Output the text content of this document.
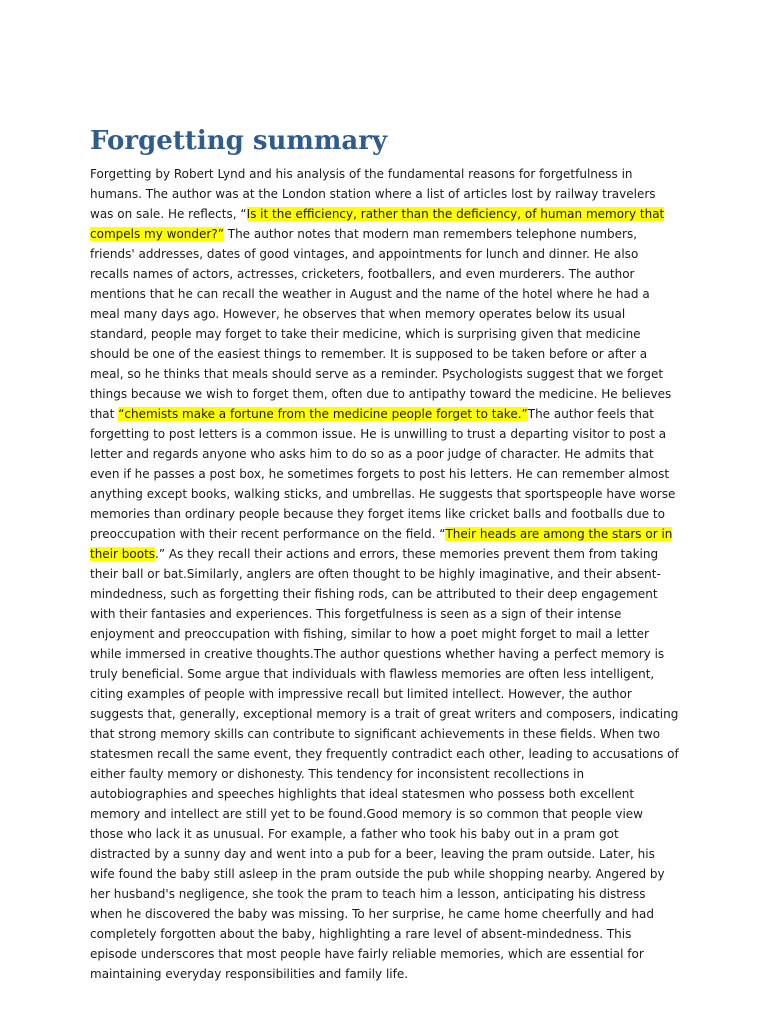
Forgetting summary

Forgetting by Robert Lynd and his analysis of the fundamental reasons for forgetfulness in humans. The author was at the London station where a list of articles lost by railway travelers was on sale. He reflects, “Is it the efficiency, rather than the deficiency, of human memory that compels my wonder?” The author notes that modern man remembers telephone numbers, friends' addresses, dates of good vintages, and appointments for lunch and dinner. He also recalls names of actors, actresses, cricketers, footballers, and even murderers. The author mentions that he can recall the weather in August and the name of the hotel where he had a meal many days ago. However, he observes that when memory operates below its usual standard, people may forget to take their medicine, which is surprising given that medicine should be one of the easiest things to remember. It is supposed to be taken before or after a meal, so he thinks that meals should serve as a reminder. Psychologists suggest that we forget things because we wish to forget them, often due to antipathy toward the medicine. He believes that “chemists make a fortune from the medicine people forget to take.”The author feels that forgetting to post letters is a common issue. He is unwilling to trust a departing visitor to post a letter and regards anyone who asks him to do so as a poor judge of character. He admits that even if he passes a post box, he sometimes forgets to post his letters. He can remember almost anything except books, walking sticks, and umbrellas. He suggests that sportspeople have worse memories than ordinary people because they forget items like cricket balls and footballs due to preoccupation with their recent performance on the field. “Their heads are among the stars or in their boots.” As they recall their actions and errors, these memories prevent them from taking their ball or bat.Similarly, anglers are often thought to be highly imaginative, and their absent-mindedness, such as forgetting their fishing rods, can be attributed to their deep engagement with their fantasies and experiences. This forgetfulness is seen as a sign of their intense enjoyment and preoccupation with fishing, similar to how a poet might forget to mail a letter while immersed in creative thoughts.The author questions whether having a perfect memory is truly beneficial. Some argue that individuals with flawless memories are often less intelligent, citing examples of people with impressive recall but limited intellect. However, the author suggests that, generally, exceptional memory is a trait of great writers and composers, indicating that strong memory skills can contribute to significant achievements in these fields. When two statesmen recall the same event, they frequently contradict each other, leading to accusations of either faulty memory or dishonesty. This tendency for inconsistent recollections in autobiographies and speeches highlights that ideal statesmen who possess both excellent memory and intellect are still yet to be found.Good memory is so common that people view those who lack it as unusual. For example, a father who took his baby out in a pram got distracted by a sunny day and went into a pub for a beer, leaving the pram outside. Later, his wife found the baby still asleep in the pram outside the pub while shopping nearby. Angered by her husband's negligence, she took the pram to teach him a lesson, anticipating his distress when he discovered the baby was missing. To her surprise, he came home cheerfully and had completely forgotten about the baby, highlighting a rare level of absent-mindedness. This episode underscores that most people have fairly reliable memories, which are essential for maintaining everyday responsibilities and family life.
